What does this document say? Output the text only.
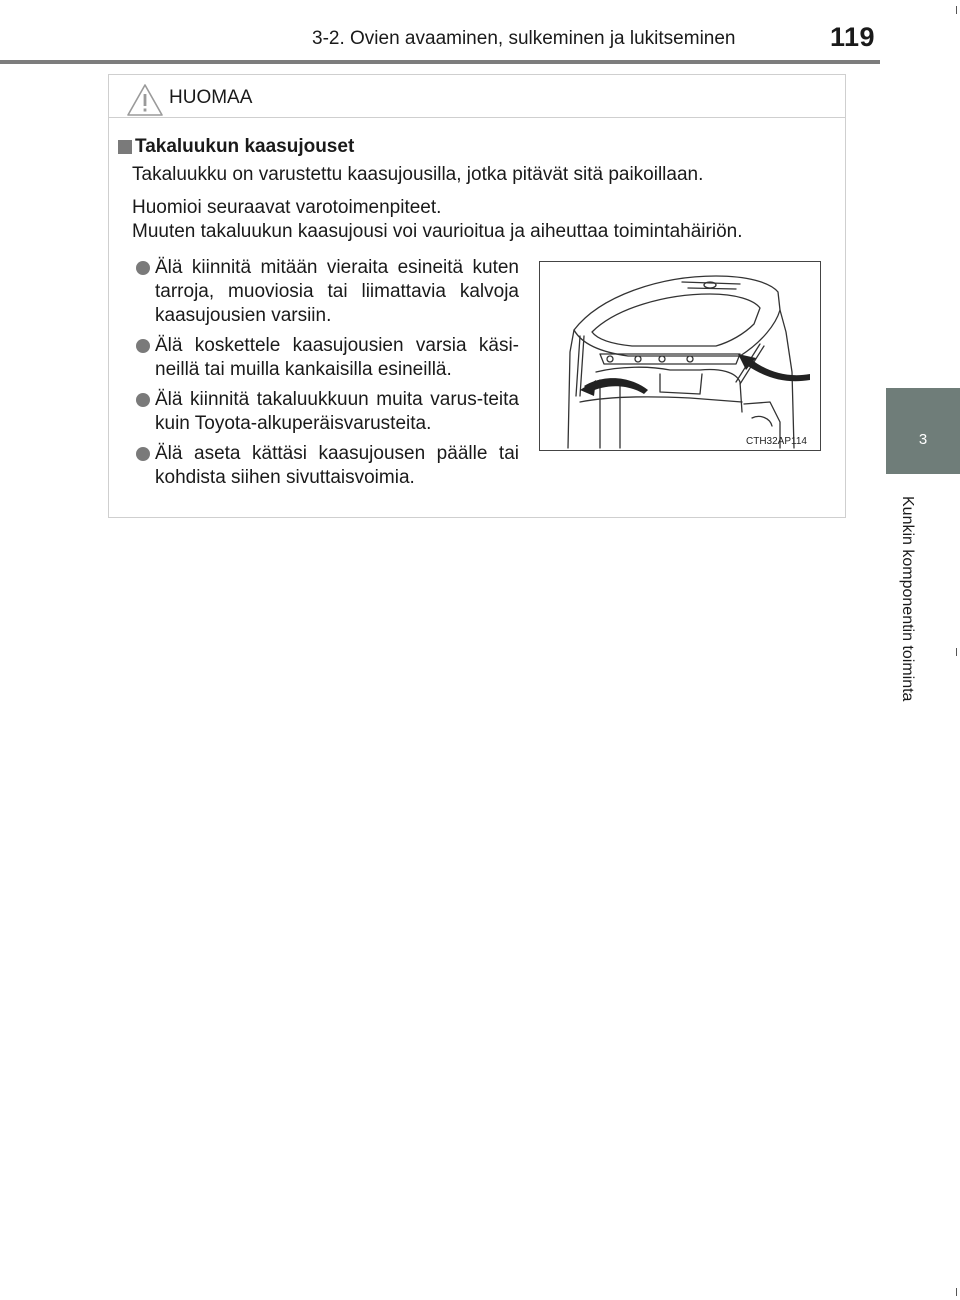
3-2. Ovien avaaminen, sulkeminen ja lukitseminen	119
3
Kunkin komponentin toiminta
HUOMAA
Takaluukun kaasujouset
Takaluukku on varustettu kaasujousilla, jotka pitävät sitä paikoillaan.
Huomioi seuraavat varotoimenpiteet.
Muuten takaluukun kaasujousi voi vaurioitua ja aiheuttaa toimintahäiriön.
Älä kiinnitä mitään vieraita esineitä kuten tarroja, muoviosia tai liimattavia kalvoja kaasujousien varsiin.
Älä koskettele kaasujousien varsia käsi-neillä tai muilla kankaisilla esineillä.
Älä kiinnitä takaluukkuun muita varus-teita kuin Toyota-alkuperäisvarusteita.
Älä aseta kättäsi kaasujousen päälle tai kohdista siihen sivuttaisvoimia.
CTH32AP114
